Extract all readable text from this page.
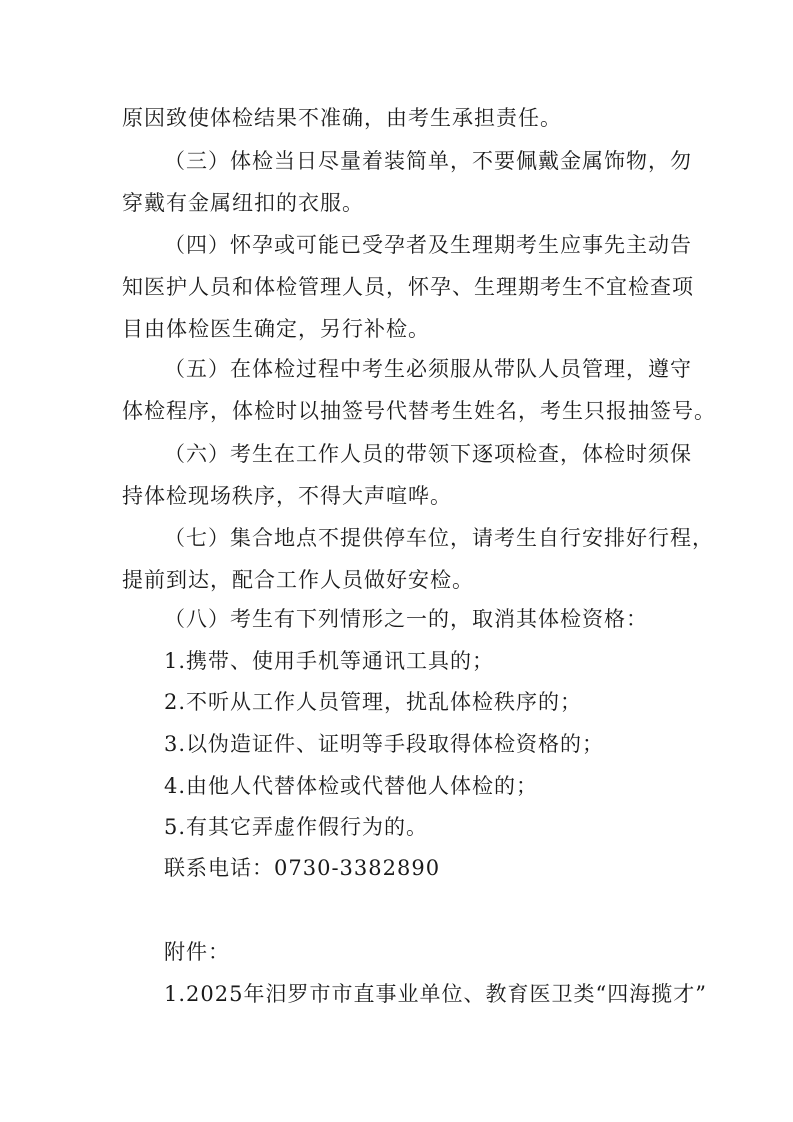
原因致使体检结果不准确，由考生承担责任。
（三）体检当日尽量着装简单，不要佩戴金属饰物，勿
穿戴有金属纽扣的衣服。
（四）怀孕或可能已受孕者及生理期考生应事先主动告
知医护人员和体检管理人员，怀孕、生理期考生不宜检查项
目由体检医生确定，另行补检。
（五）在体检过程中考生必须服从带队人员管理，遵守
体检程序，体检时以抽签号代替考生姓名，考生只报抽签号。
（六）考生在工作人员的带领下逐项检查，体检时须保
持体检现场秩序，不得大声喧哗。
（七）集合地点不提供停车位，请考生自行安排好行程，
提前到达，配合工作人员做好安检。
（八）考生有下列情形之一的，取消其体检资格：
1.携带、使用手机等通讯工具的；
2.不听从工作人员管理，扰乱体检秩序的；
3.以伪造证件、证明等手段取得体检资格的；
4.由他人代替体检或代替他人体检的；
5.有其它弄虚作假行为的。
联系电话：0730-3382890
附件：
1.2025年汨罗市市直事业单位、教育医卫类“四海揽才”
